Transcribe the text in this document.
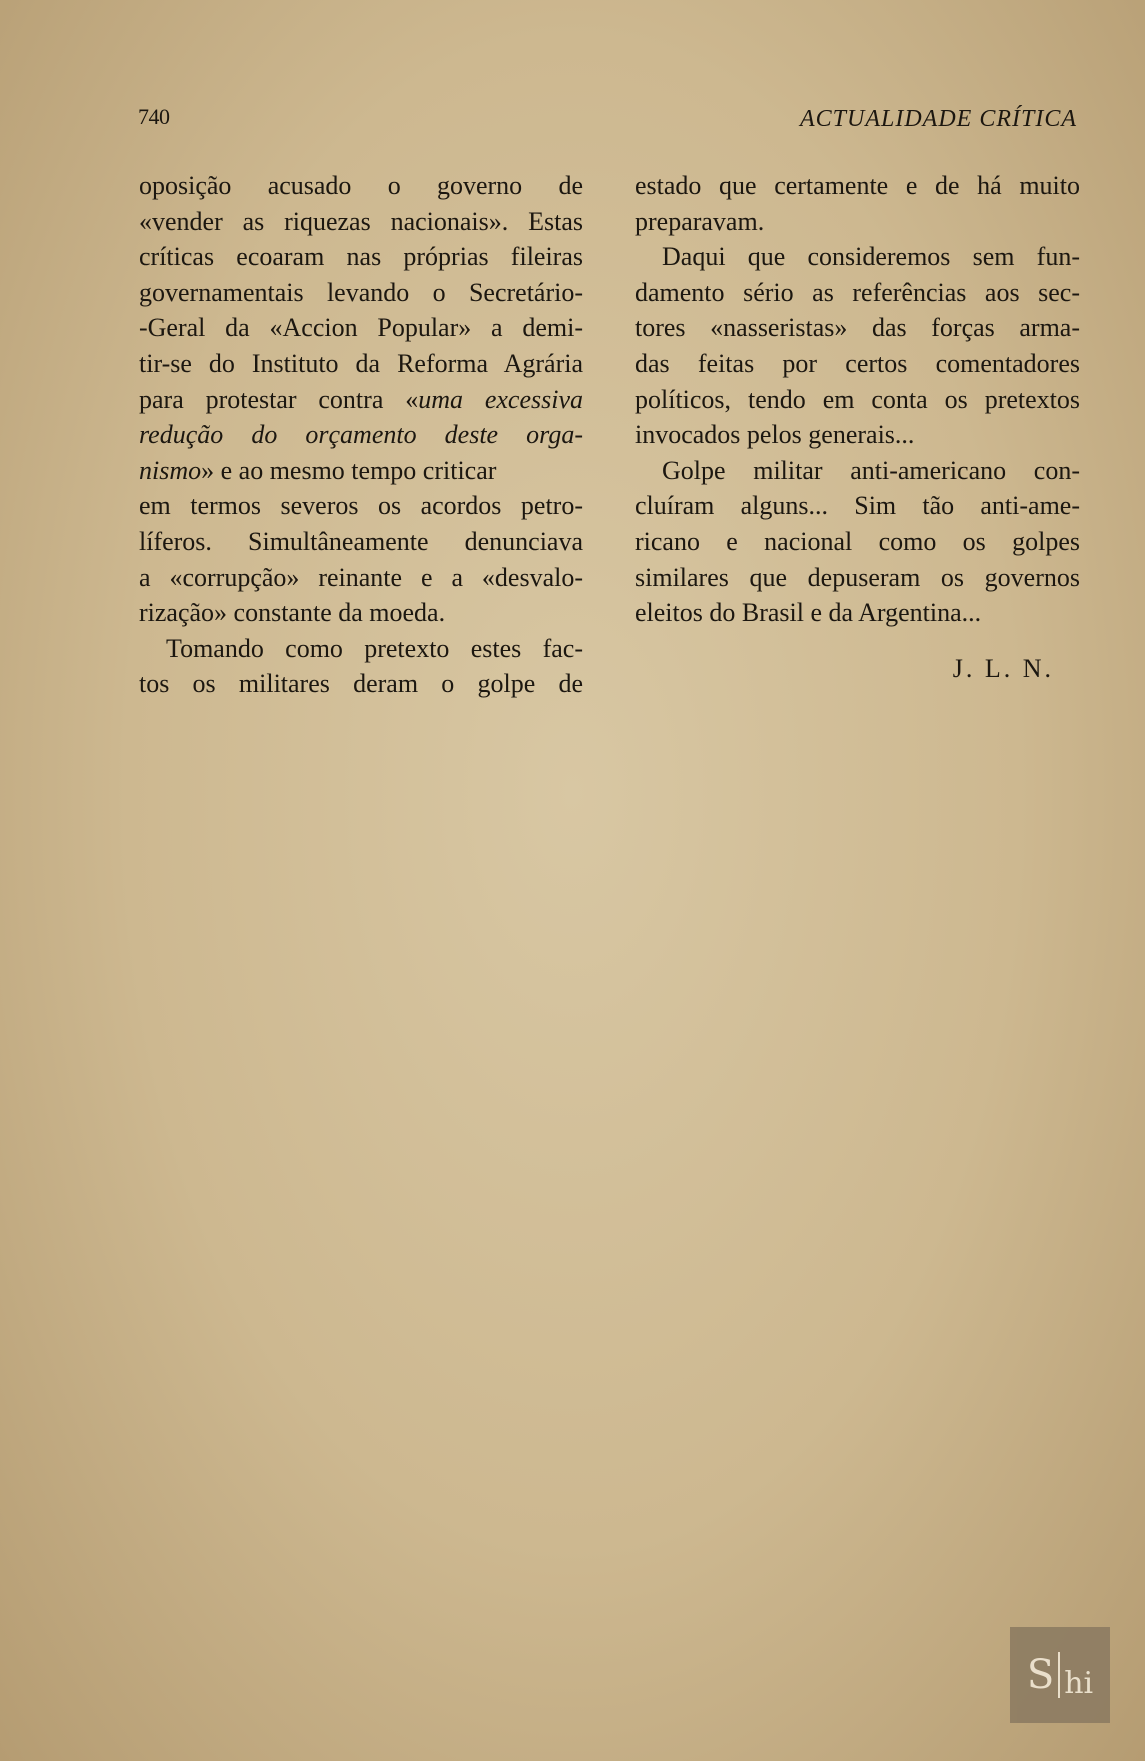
740	ACTUALIDADE CRÍTICA
oposição acusado o governo de
«vender as riquezas nacionais». Estas
críticas ecoaram nas próprias fileiras
governamentais levando o Secretário-
-Geral da «Accion Popular» a demi-
tir-se do Instituto da Reforma Agrária
para protestar contra «uma excessiva
redução do orçamento deste orga-
nismo» e ao mesmo tempo criticar
em termos severos os acordos petro-
líferos. Simultâneamente denunciava
a «corrupção» reinante e a «desvalo-
rização» constante da moeda.
Tomando como pretexto estes fac-
tos os militares deram o golpe de
estado que certamente e de há muito
preparavam.
Daqui que consideremos sem fun-
damento sério as referências aos sec-
tores «nasseristas» das forças arma-
das feitas por certos comentadores
políticos, tendo em conta os pretextos
invocados pelos generais...
Golpe militar anti-americano con-
cluíram alguns... Sim tão anti-ame-
ricano e nacional como os golpes
similares que depuseram os governos
eleitos do Brasil e da Argentina...
J. L. N.
S hi
